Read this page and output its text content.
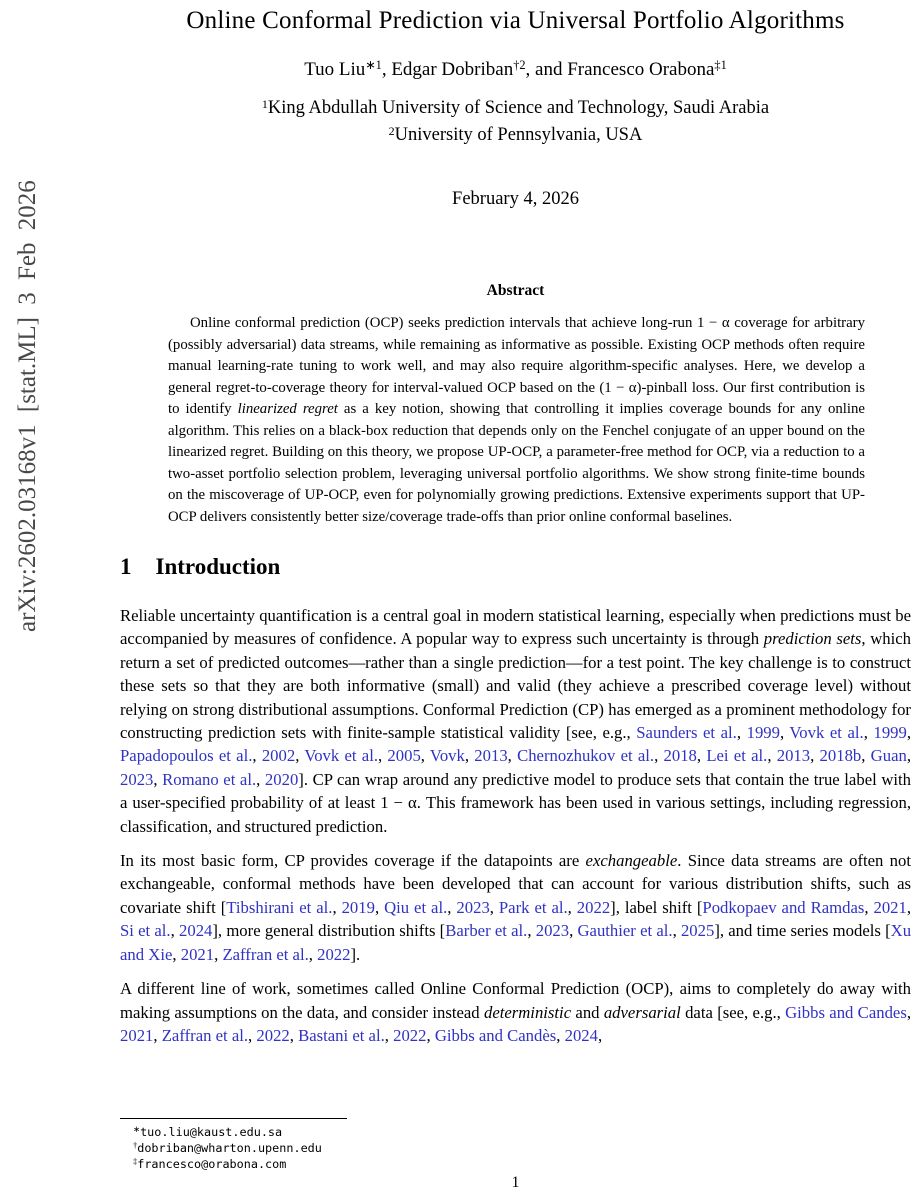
arXiv:2602.03168v1 [stat.ML] 3 Feb 2026
Online Conformal Prediction via Universal Portfolio Algorithms
Tuo Liu$^{∗1}$, Edgar Dobriban$^{\dagger 2}$, and Francesco Orabona$^{\ddagger 1}$
$^1$King Abdullah University of Science and Technology, Saudi Arabia
$^2$University of Pennsylvania, USA
February 4, 2026
Abstract
Online conformal prediction (OCP) seeks prediction intervals that achieve long-run 1 − α coverage for arbitrary (possibly adversarial) data streams, while remaining as informative as possible. Existing OCP methods often require manual learning-rate tuning to work well, and may also require algorithm-specific analyses. Here, we develop a general regret-to-coverage theory for interval-valued OCP based on the (1 − α)-pinball loss. Our first contribution is to identify linearized regret as a key notion, showing that controlling it implies coverage bounds for any online algorithm. This relies on a black-box reduction that depends only on the Fenchel conjugate of an upper bound on the linearized regret. Building on this theory, we propose UP-OCP, a parameter-free method for OCP, via a reduction to a two-asset portfolio selection problem, leveraging universal portfolio algorithms. We show strong finite-time bounds on the miscoverage of UP-OCP, even for polynomially growing predictions. Extensive experiments support that UP-OCP delivers consistently better size/coverage trade-offs than prior online conformal baselines.
1 Introduction

Reliable uncertainty quantification is a central goal in modern statistical learning, especially when predictions must be accompanied by measures of confidence. A popular way to express such uncertainty is through prediction sets, which return a set of predicted outcomes—rather than a single prediction—for a test point. The key challenge is to construct these sets so that they are both informative (small) and valid (they achieve a prescribed coverage level) without relying on strong distributional assumptions. Conformal Prediction (CP) has emerged as a prominent methodology for constructing prediction sets with finite-sample statistical validity [see, e.g., Saunders et al., 1999, Vovk et al., 1999, Papadopoulos et al., 2002, Vovk et al., 2005, Vovk, 2013, Chernozhukov et al., 2018, Lei et al., 2013, 2018b, Guan, 2023, Romano et al., 2020]. CP can wrap around any predictive model to produce sets that contain the true label with a user-specified probability of at least 1 − α. This framework has been used in various settings, including regression, classification, and structured prediction.

In its most basic form, CP provides coverage if the datapoints are exchangeable. Since data streams are often not exchangeable, conformal methods have been developed that can account for various distribution shifts, such as covariate shift [Tibshirani et al., 2019, Qiu et al., 2023, Park et al., 2022], label shift [Podkopaev and Ramdas, 2021, Si et al., 2024], more general distribution shifts [Barber et al., 2023, Gauthier et al., 2025], and time series models [Xu and Xie, 2021, Zaffran et al., 2022].

A different line of work, sometimes called Online Conformal Prediction (OCP), aims to completely do away with making assumptions on the data, and consider instead deterministic and adversarial data [see, e.g., Gibbs and Candes, 2021, Zaffran et al., 2022, Bastani et al., 2022, Gibbs and Candès, 2024,

∗tuo.liu@kaust.edu.sa
†dobriban@wharton.upenn.edu
‡francesco@orabona.com
1
